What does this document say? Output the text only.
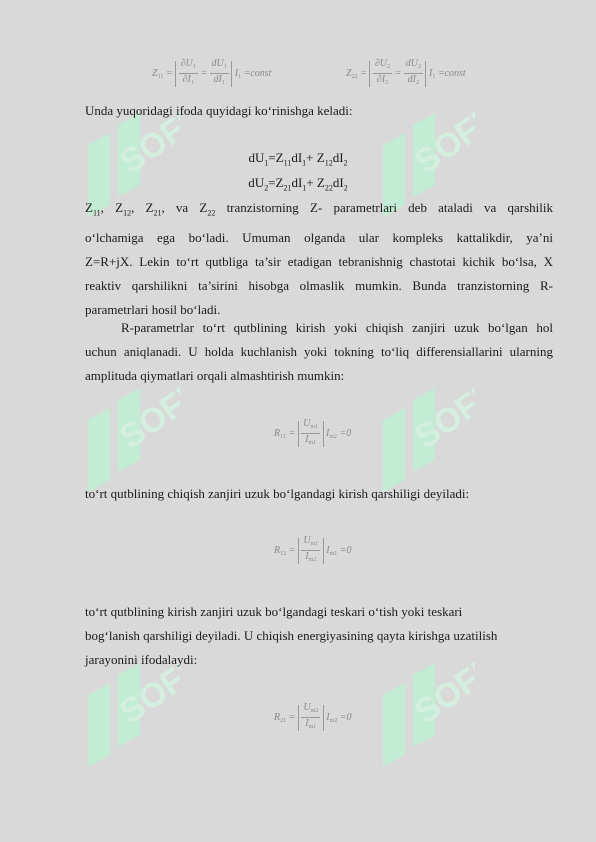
SOFF	SOFF
SOFF	SOFF
SOFF	SOFF
$Z_{11} = \frac{\partial U_1}{\partial I_1} = \frac{dU_1}{dI_1} I_1$ =const	$Z_{22} = \frac{\partial U_2}{\partial I_2} = \frac{dU_2}{dI_2} I_1$ =const
Unda yuqoridagi ifoda quyidagi koʻrinishga keladi:
$dU_1=Z_{11}dI_1+ Z_{12}dI_2$
$dU_2=Z_{21}dI_1+ Z_{22}dI_2$
$Z_{11}$, $Z_{12}$, $Z_{21}$, va $Z_{22}$ tranzistorning Z- parametrlari deb ataladi va qarshilik
oʻlchamiga ega boʻladi. Umuman olganda ular kompleks kattalikdir, ya’ni
Z=R+jX. Lekin toʻrt qutbliga ta’sir etadigan tebranishnig chastotai kichik boʻlsa, X
reaktiv qarshilikni ta’sirini hisobga olmaslik mumkin. Bunda tranzistorning R-
parametrlari hosil boʻladi.
R-parametrlar toʻrt qutblining kirish yoki chiqish zanjiri uzuk boʻlgan hol
uchun aniqlanadi. U holda kuchlanish yoki tokning toʻliq differensiallarini ularning
amplituda qiymatlari orqali almashtirish mumkin:
$R_{11} = \frac{U_{m1}}{I_{m1}} I_{m2} =0$
toʻrt qutblining chiqish zanjiri uzuk boʻlgandagi kirish qarshiligi deyiladi:
$R_{12} = \frac{U_{m1}}{I_{m2}} I_{m1} =0$
toʻrt qutblining kirish zanjiri uzuk boʻlgandagi teskari oʻtish yoki teskari
bogʻlanish qarshiligi deyiladi. U chiqish energiyasining qayta kirishga uzatilish
jarayonini ifodalaydi:
$R_{21} = \frac{U_{m2}}{I_{m1}} I_{m2} =0$
